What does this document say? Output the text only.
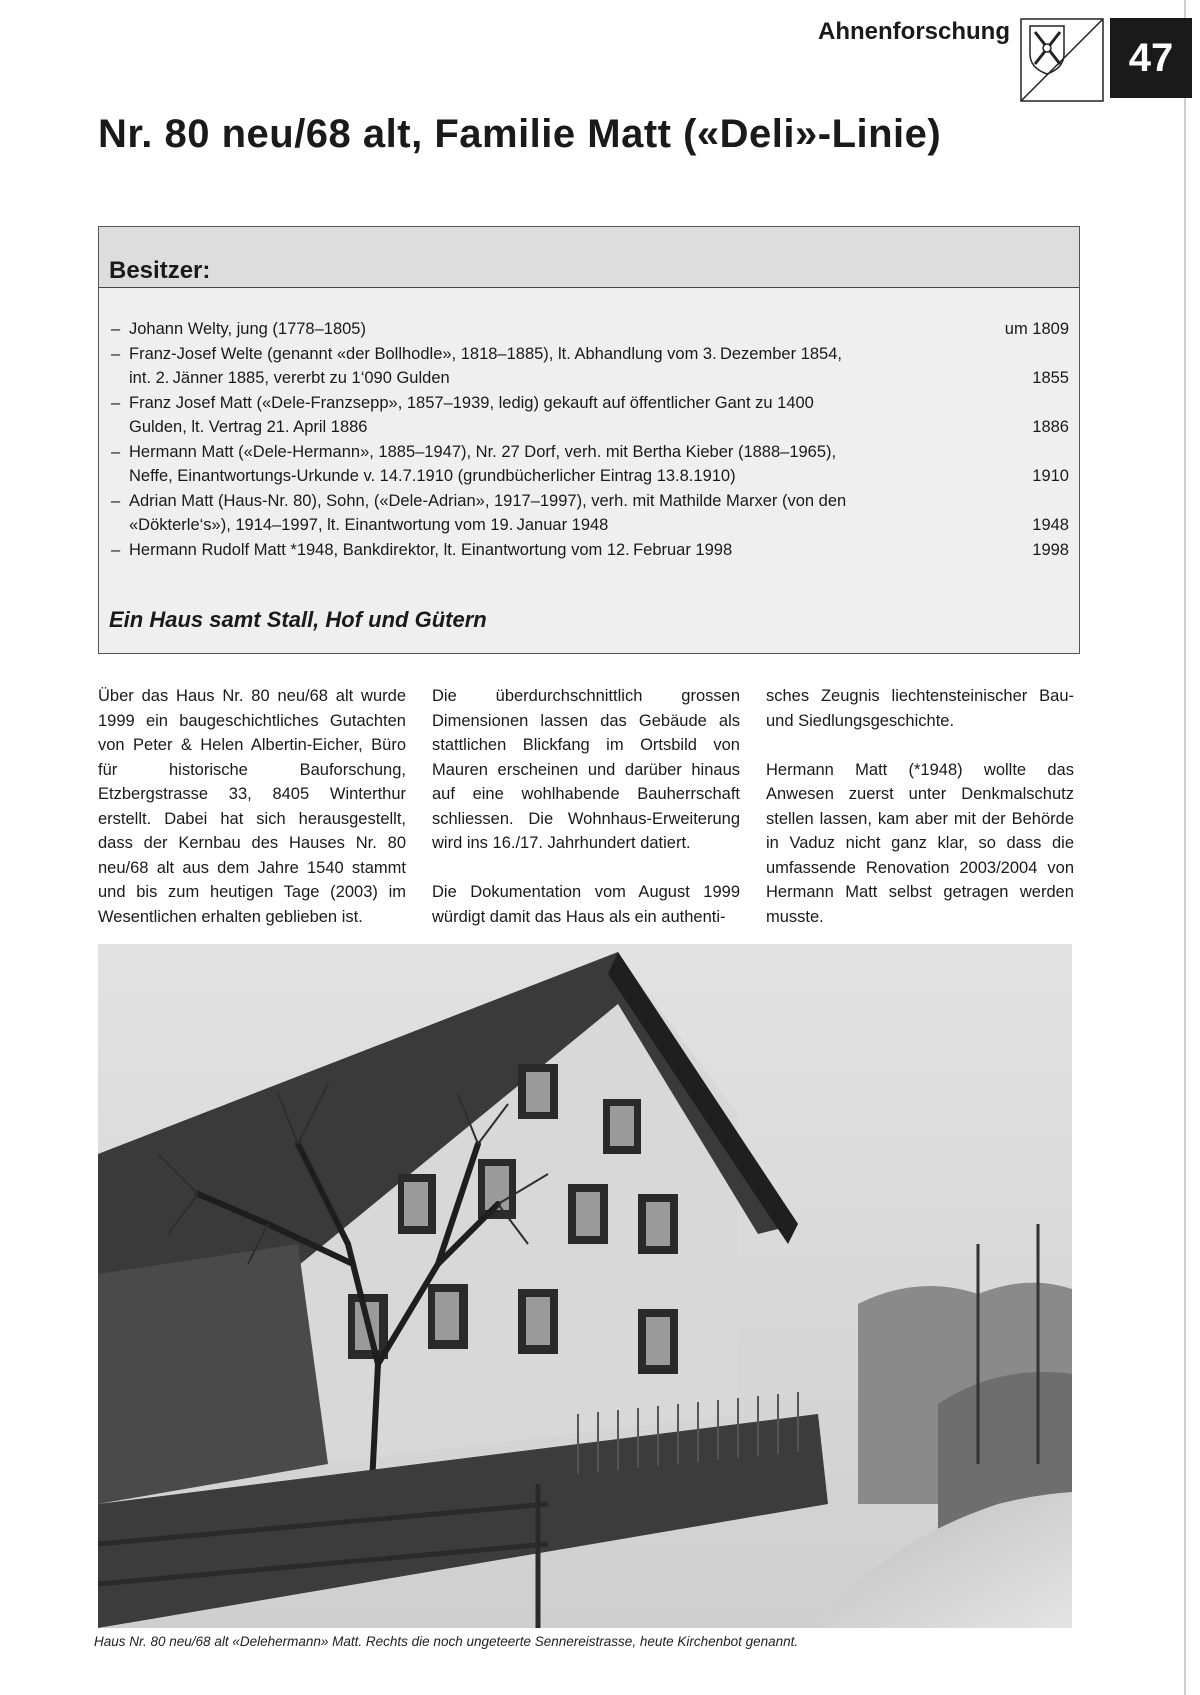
Ahnenforschung
47
Nr. 80 neu/68 alt, Familie Matt («Deli»-Linie)
Besitzer:
– Johann Welty, jung (1778–1805)	um 1809
– Franz-Josef Welte (genannt «der Bollhodle», 1818–1885), lt. Abhandlung vom 3. Dezember 1854, int. 2. Jänner 1885, vererbt zu 1‘090 Gulden	1855
– Franz Josef Matt («Dele-Franzsepp», 1857–1939, ledig) gekauft auf öffentlicher Gant zu 1400 Gulden, lt. Vertrag 21. April 1886	1886
– Hermann Matt («Dele-Hermann», 1885–1947), Nr. 27 Dorf, verh. mit Bertha Kieber (1888–1965), Neffe, Einantwortungs-Urkunde v. 14.7.1910 (grundbücherlicher Eintrag 13.8.1910)	1910
– Adrian Matt (Haus-Nr. 80), Sohn, («Dele-Adrian», 1917–1997), verh. mit Mathilde Marxer (von den «Dökterle‘s»), 1914–1997, lt. Einantwortung vom 19. Januar 1948	1948
– Hermann Rudolf Matt *1948, Bankdirektor, lt. Einantwortung vom 12. Februar 1998	1998
Ein Haus samt Stall, Hof und Gütern

Über das Haus Nr. 80 neu/68 alt wurde 1999 ein baugeschichtliches Gutachten von Peter & Helen Albertin-Eicher, Büro für historische Bauforschung, Etzbergstrasse 33, 8405 Winterthur erstellt. Dabei hat sich herausgestellt, dass der Kernbau des Hauses Nr. 80 neu/68 alt aus dem Jahre 1540 stammt und bis zum heutigen Tage (2003) im Wesentlichen erhalten geblieben ist.

Die überdurchschnittlich grossen Dimensionen lassen das Gebäude als stattlichen Blickfang im Ortsbild von Mauren erscheinen und darüber hinaus auf eine wohlhabende Bauherrschaft schliessen. Die Wohnhaus-Erweiterung wird ins 16./17. Jahrhundert datiert.

Die Dokumentation vom August 1999 würdigt damit das Haus als ein authenti-

sches Zeugnis liechtensteinischer Bau- und Siedlungsgeschichte.

Hermann Matt (*1948) wollte das Anwesen zuerst unter Denkmalschutz stellen lassen, kam aber mit der Behörde in Vaduz nicht ganz klar, so dass die umfassende Renovation 2003/2004 von Hermann Matt selbst getragen werden musste.

Haus Nr. 80 neu/68 alt «Delehermann» Matt. Rechts die noch ungeteerte Sennereistrasse, heute Kirchenbot genannt.
